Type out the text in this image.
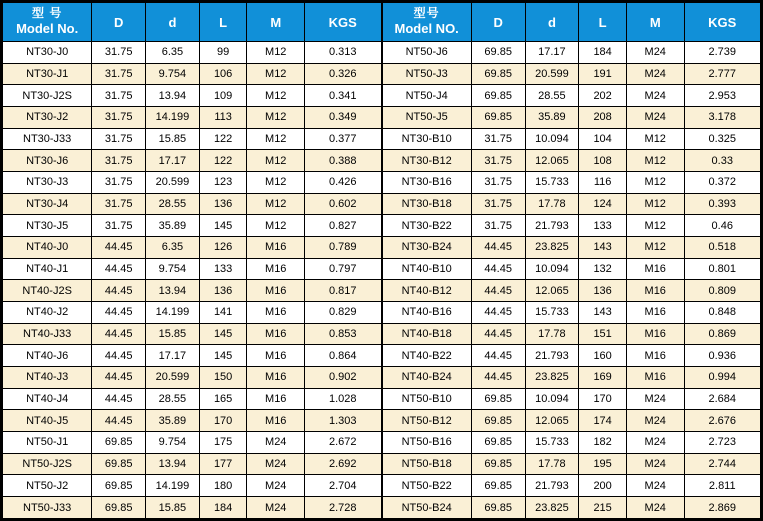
型 号
Model No.	D	d	L	M	KGS
NT30-J0	31.75	6.35	99	M12	0.313
NT30-J1	31.75	9.754	106	M12	0.326
NT30-J2S	31.75	13.94	109	M12	0.341
NT30-J2	31.75	14.199	113	M12	0.349
NT30-J33	31.75	15.85	122	M12	0.377
NT30-J6	31.75	17.17	122	M12	0.388
NT30-J3	31.75	20.599	123	M12	0.426
NT30-J4	31.75	28.55	136	M12	0.602
NT30-J5	31.75	35.89	145	M12	0.827
NT40-J0	44.45	6.35	126	M16	0.789
NT40-J1	44.45	9.754	133	M16	0.797
NT40-J2S	44.45	13.94	136	M16	0.817
NT40-J2	44.45	14.199	141	M16	0.829
NT40-J33	44.45	15.85	145	M16	0.853
NT40-J6	44.45	17.17	145	M16	0.864
NT40-J3	44.45	20.599	150	M16	0.902
NT40-J4	44.45	28.55	165	M16	1.028
NT40-J5	44.45	35.89	170	M16	1.303
NT50-J1	69.85	9.754	175	M24	2.672
NT50-J2S	69.85	13.94	177	M24	2.692
NT50-J2	69.85	14.199	180	M24	2.704
NT50-J33	69.85	15.85	184	M24	2.728
型号
Model NO.	D	d	L	M	KGS
NT50-J6	69.85	17.17	184	M24	2.739
NT50-J3	69.85	20.599	191	M24	2.777
NT50-J4	69.85	28.55	202	M24	2.953
NT50-J5	69.85	35.89	208	M24	3.178
NT30-B10	31.75	10.094	104	M12	0.325
NT30-B12	31.75	12.065	108	M12	0.33
NT30-B16	31.75	15.733	116	M12	0.372
NT30-B18	31.75	17.78	124	M12	0.393
NT30-B22	31.75	21.793	133	M12	0.46
NT30-B24	44.45	23.825	143	M12	0.518
NT40-B10	44.45	10.094	132	M16	0.801
NT40-B12	44.45	12.065	136	M16	0.809
NT40-B16	44.45	15.733	143	M16	0.848
NT40-B18	44.45	17.78	151	M16	0.869
NT40-B22	44.45	21.793	160	M16	0.936
NT40-B24	44.45	23.825	169	M16	0.994
NT50-B10	69.85	10.094	170	M24	2.684
NT50-B12	69.85	12.065	174	M24	2.676
NT50-B16	69.85	15.733	182	M24	2.723
NT50-B18	69.85	17.78	195	M24	2.744
NT50-B22	69.85	21.793	200	M24	2.811
NT50-B24	69.85	23.825	215	M24	2.869
